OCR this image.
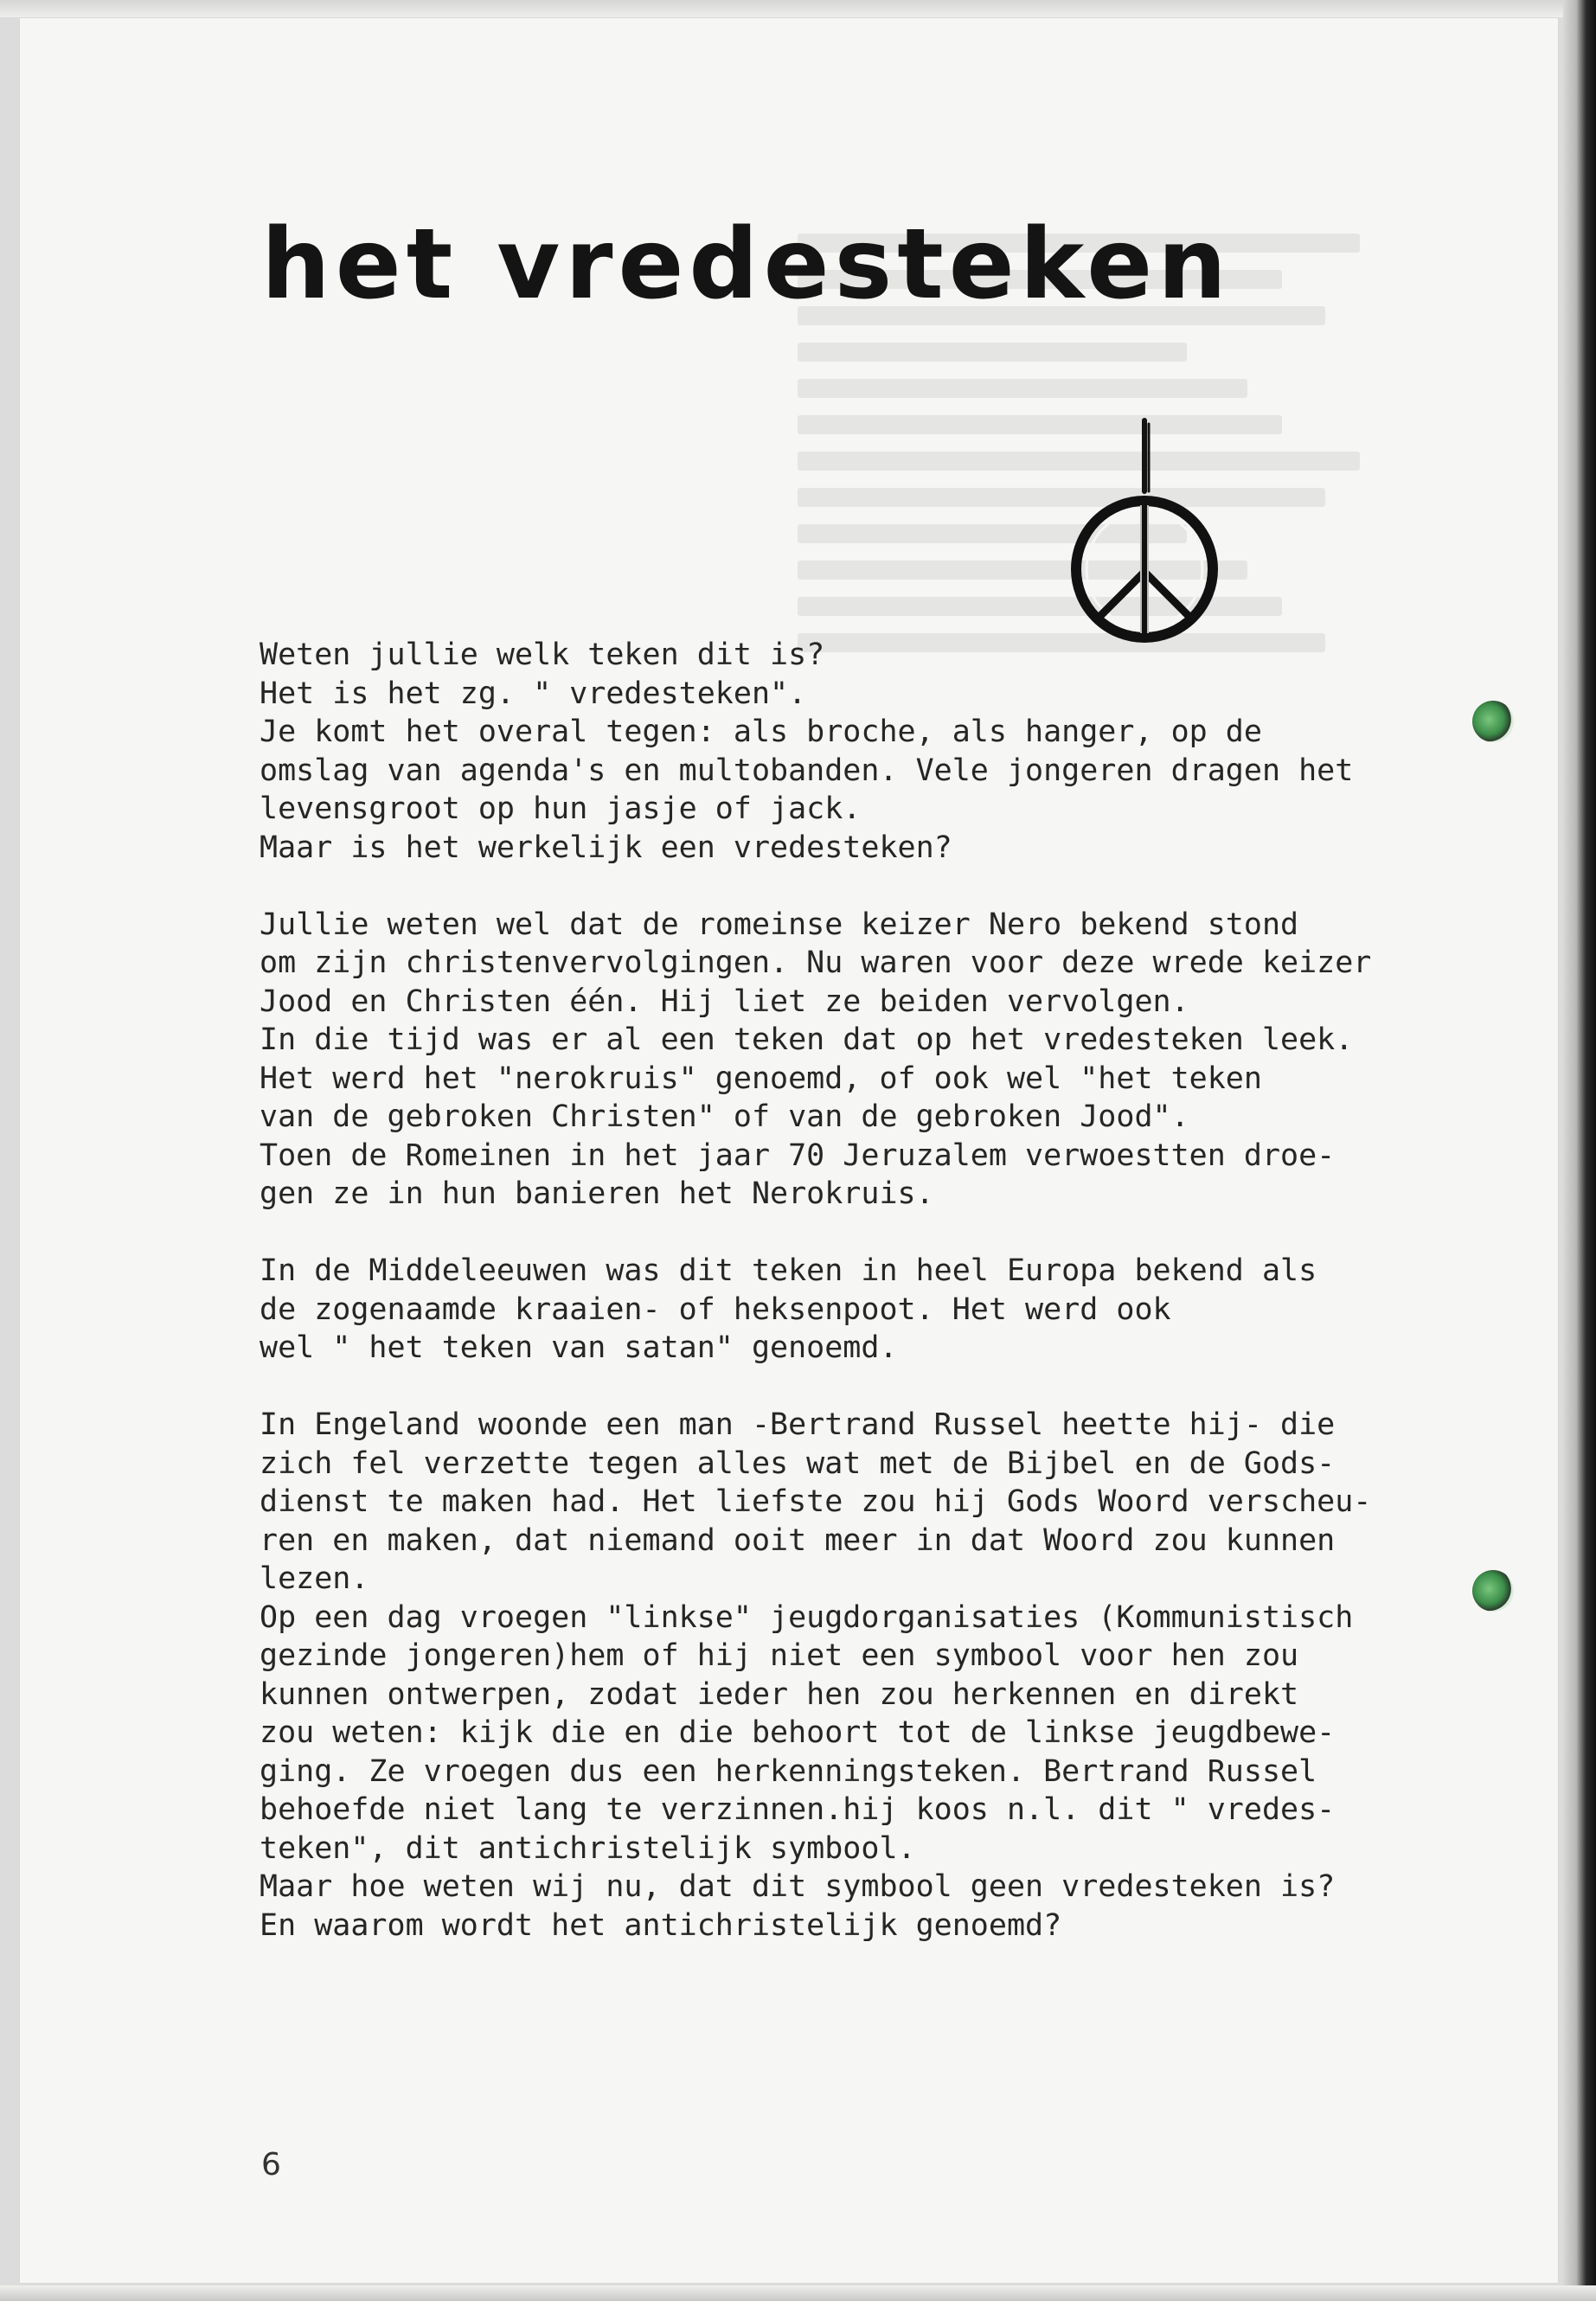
het vredesteken

Weten jullie welk teken dit is?
Het is het zg. " vredesteken".
Je komt het overal tegen: als broche, als hanger, op de
omslag van agenda's en multobanden. Vele jongeren dragen het
levensgroot op hun jasje of jack.
Maar is het werkelijk een vredesteken?

Jullie weten wel dat de romeinse keizer Nero bekend stond
om zijn christenvervolgingen. Nu waren voor deze wrede keizer
Jood en Christen één. Hij liet ze beiden vervolgen.
In die tijd was er al een teken dat op het vredesteken leek.
Het werd het "nerokruis" genoemd, of ook wel "het teken
van de gebroken Christen" of van de gebroken Jood".
Toen de Romeinen in het jaar 70 Jeruzalem verwoestten droe-
gen ze in hun banieren het Nerokruis.

In de Middeleeuwen was dit teken in heel Europa bekend als
de zogenaamde kraaien- of heksenpoot. Het werd ook
wel " het teken van satan" genoemd.

In Engeland woonde een man -Bertrand Russel heette hij- die
zich fel verzette tegen alles wat met de Bijbel en de Gods-
dienst te maken had. Het liefste zou hij Gods Woord verscheu-
ren en maken, dat niemand ooit meer in dat Woord zou kunnen
lezen.
Op een dag vroegen "linkse" jeugdorganisaties (Kommunistisch
gezinde jongeren)hem of hij niet een symbool voor hen zou
kunnen ontwerpen, zodat ieder hen zou herkennen en direkt
zou weten: kijk die en die behoort tot de linkse jeugdbewe-
ging. Ze vroegen dus een herkenningsteken. Bertrand Russel
behoefde niet lang te verzinnen.hij koos n.l. dit " vredes-
teken", dit antichristelijk symbool.
Maar hoe weten wij nu, dat dit symbool geen vredesteken is?
En waarom wordt het antichristelijk genoemd?

6
